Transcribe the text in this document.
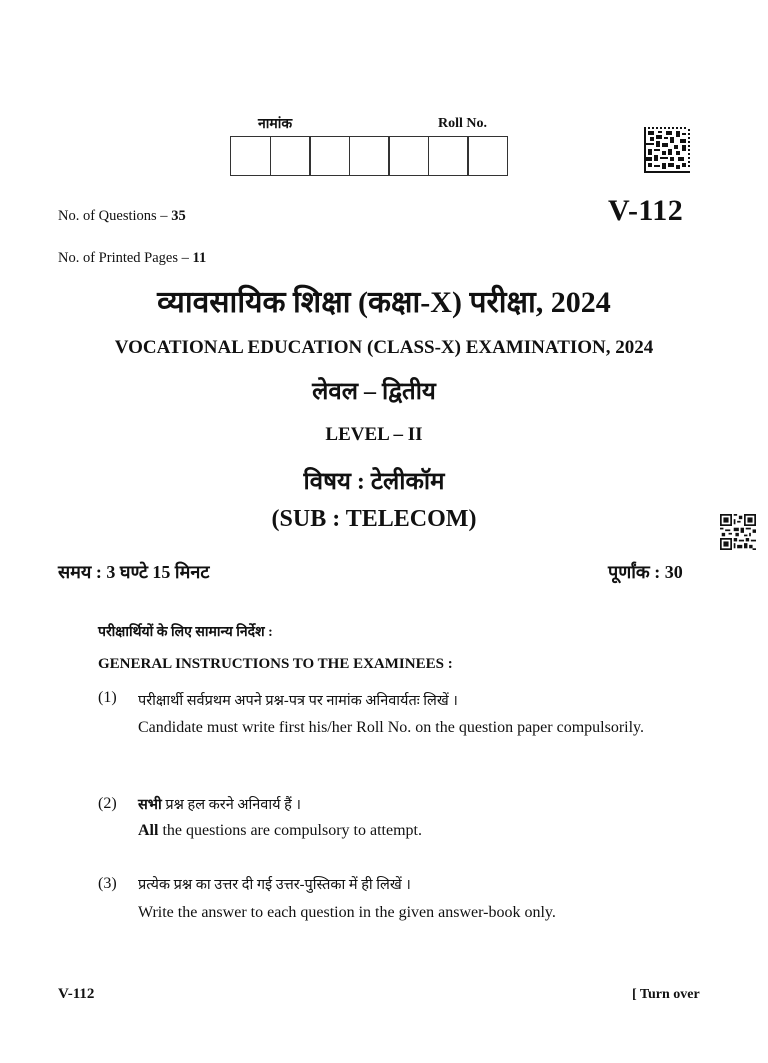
नामांक	Roll No.
No. of Questions – 35	V-112
No. of Printed Pages – 11
व्यावसायिक शिक्षा (कक्षा-X) परीक्षा, 2024
VOCATIONAL EDUCATION (CLASS-X) EXAMINATION, 2024
लेवल – द्वितीय
LEVEL – II
विषय : टेलीकॉम
(SUB : TELECOM)
समय : 3 घण्टे 15 मिनट	पूर्णांक : 30
परीक्षार्थियों के लिए सामान्य निर्देश :
GENERAL INSTRUCTIONS TO THE EXAMINEES :
(1) परीक्षार्थी सर्वप्रथम अपने प्रश्न-पत्र पर नामांक अनिवार्यतः लिखें ।
Candidate must write first his/her Roll No. on the question paper compulsorily.
(2) सभी प्रश्न हल करने अनिवार्य हैं ।
All the questions are compulsory to attempt.
(3) प्रत्येक प्रश्न का उत्तर दी गई उत्तर-पुस्तिका में ही लिखें ।
Write the answer to each question in the given answer-book only.
V-112	[ Turn over
